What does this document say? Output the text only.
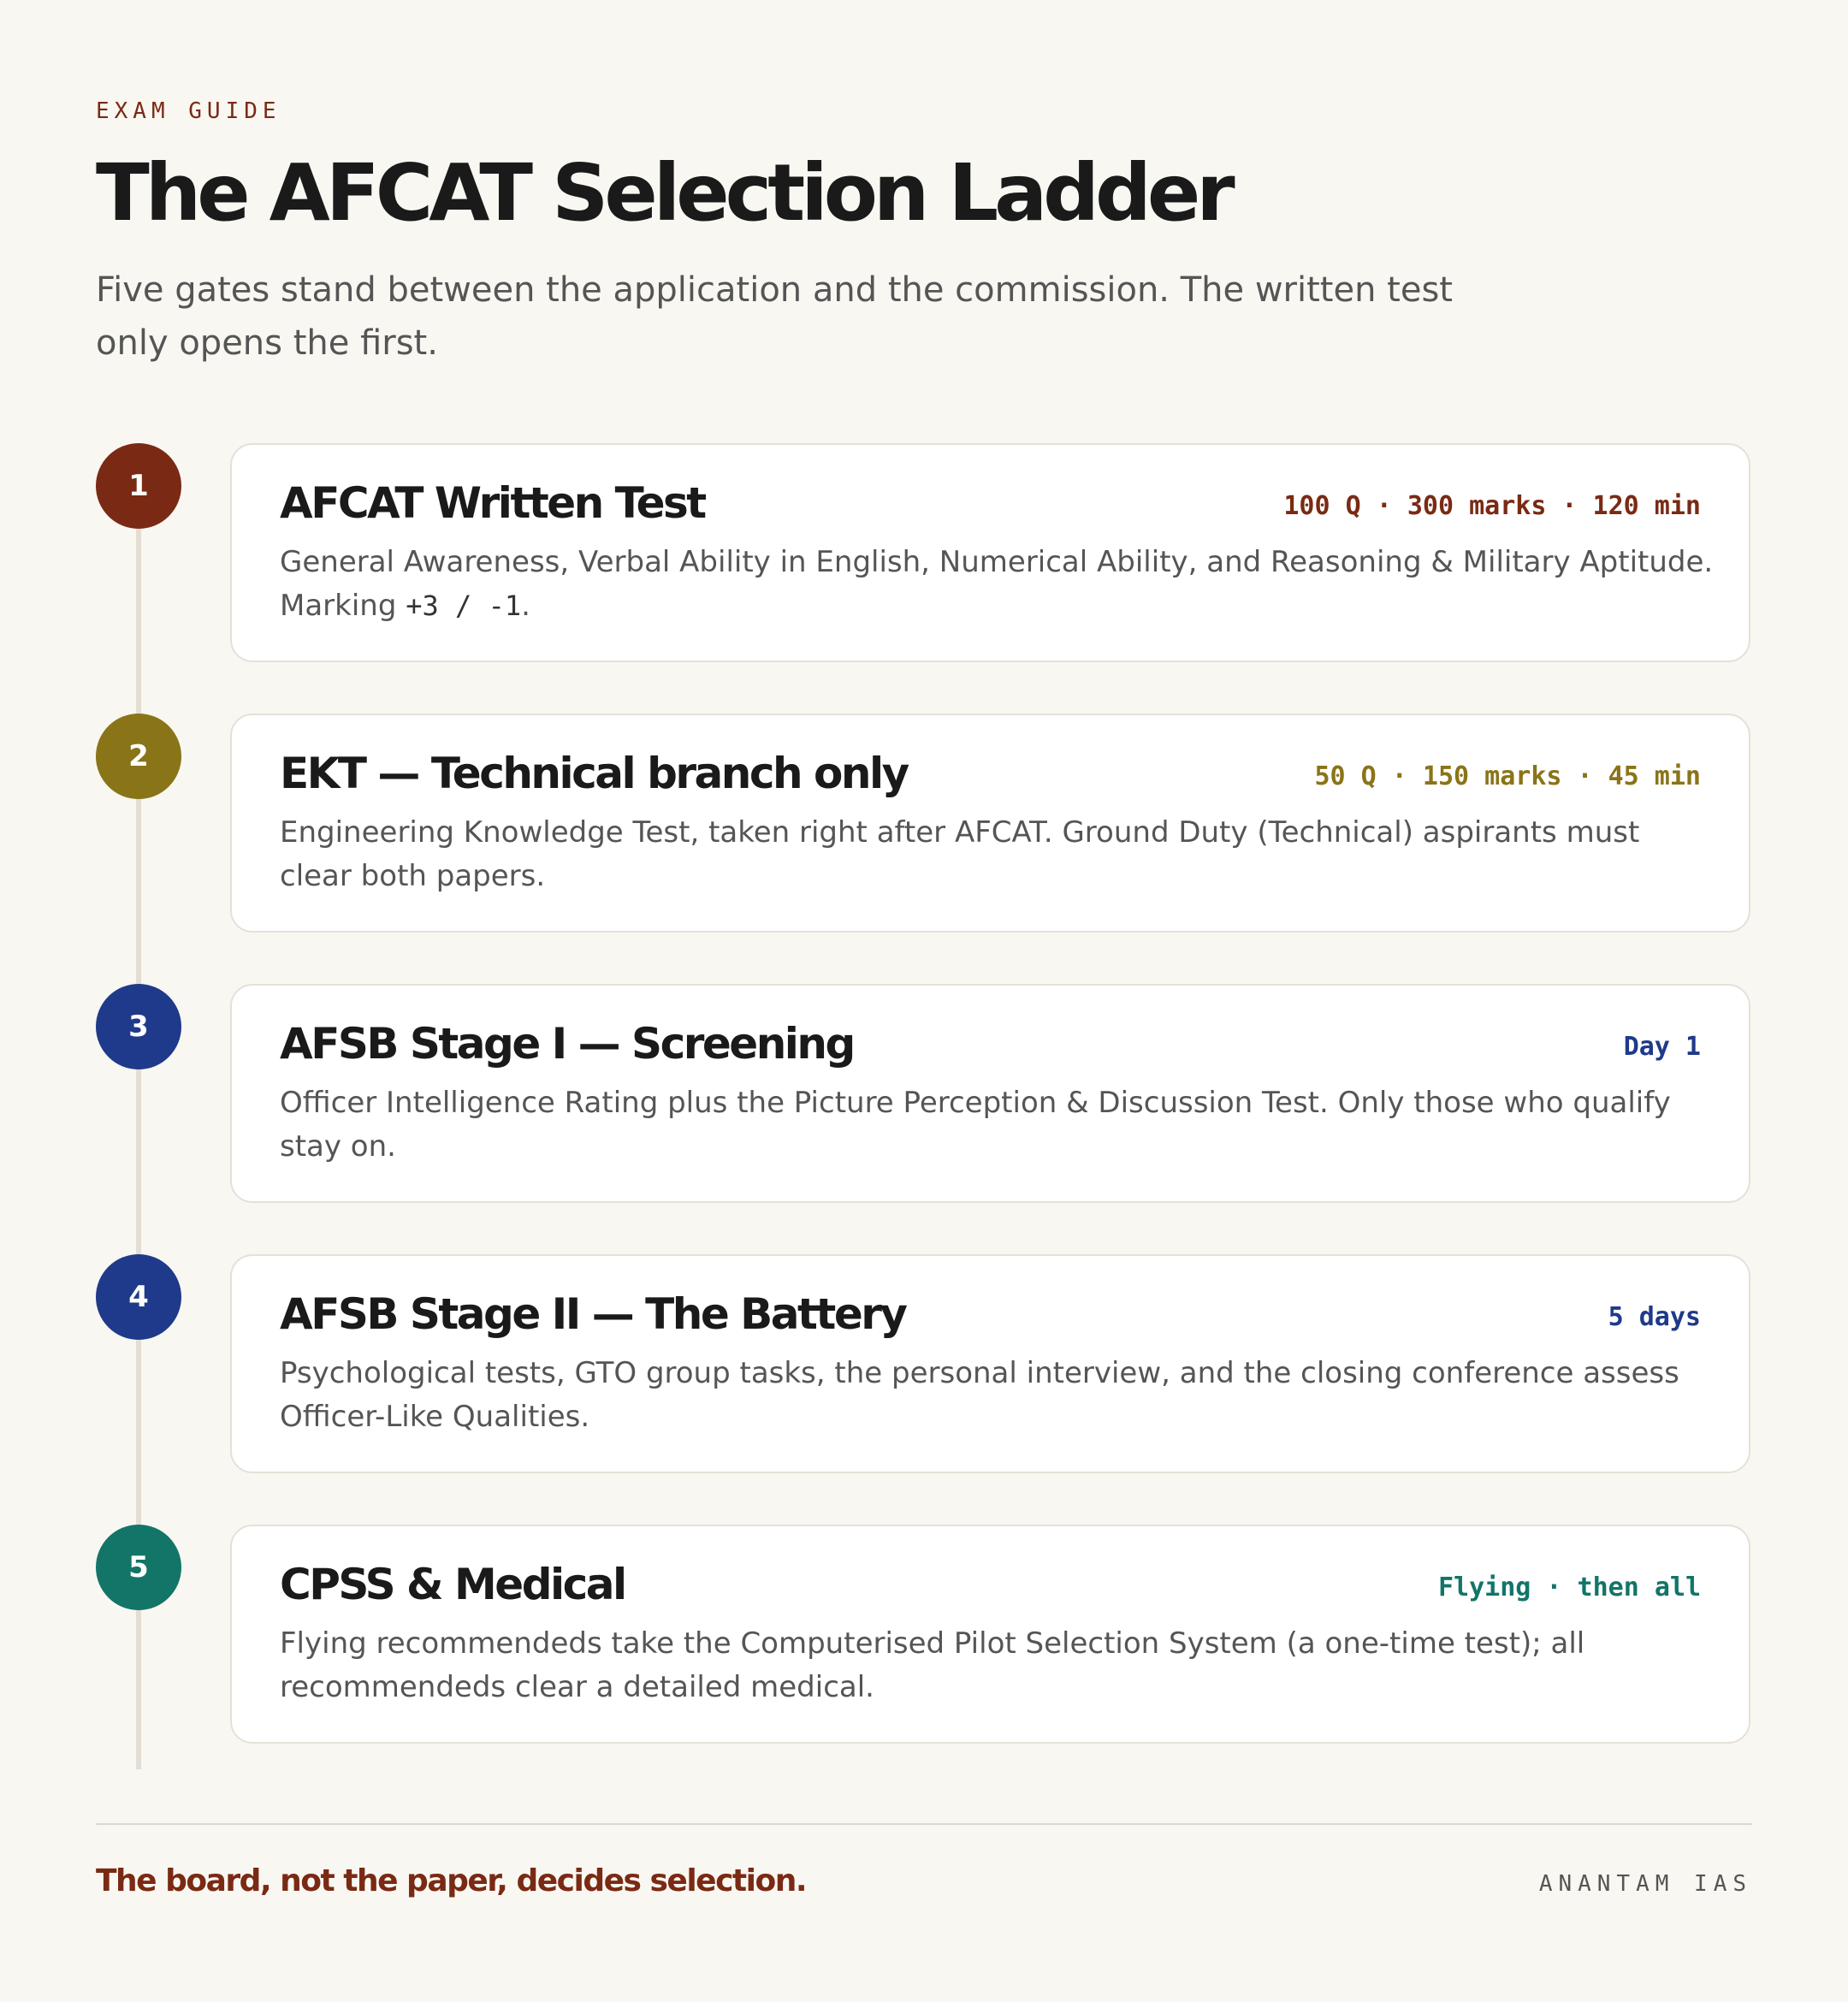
EXAM GUIDE

The AFCAT Selection Ladder

Five gates stand between the application and the commission. The written test only opens the first.

1	AFCAT Written Test	100 Q · 300 marks · 120 min
General Awareness, Verbal Ability in English, Numerical Ability, and Reasoning & Military Aptitude. Marking +3 / -1.
2	EKT — Technical branch only	50 Q · 150 marks · 45 min
Engineering Knowledge Test, taken right after AFCAT. Ground Duty (Technical) aspirants must clear both papers.
3	AFSB Stage I — Screening	Day 1
Officer Intelligence Rating plus the Picture Perception & Discussion Test. Only those who qualify stay on.
4	AFSB Stage II — The Battery	5 days
Psychological tests, GTO group tasks, the personal interview, and the closing conference assess Officer-Like Qualities.
5	CPSS & Medical	Flying · then all
Flying recommendeds take the Computerised Pilot Selection System (a one-time test); all recommendeds clear a detailed medical.
The board, not the paper, decides selection.	ANANTAM IAS
